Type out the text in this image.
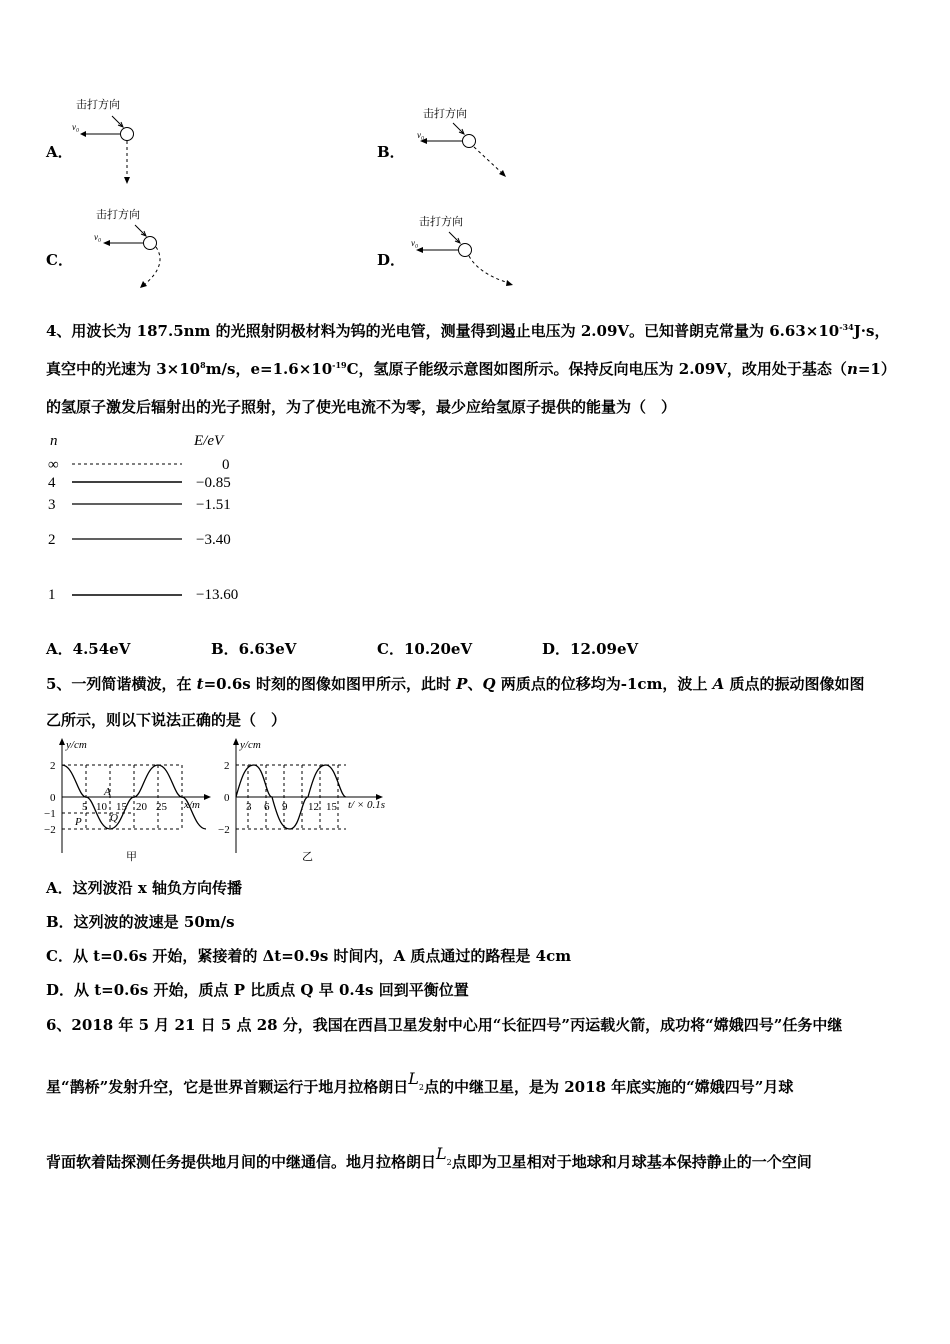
A．	B．
C．	D．
击打方向
v₀
击打方向
v₀
击打方向
v₀
击打方向
v₀
4、用波长为 187.5nm 的光照射阴极材料为钨的光电管，测量得到遏止电压为 2.09V。已知普朗克常量为 $6.63\times 10^{-34}J\cdot s$，
真空中的光速为 $3\times 10^8m/s$，$e=1.6\times 10^{-19}C$，氢原子能级示意图如图所示。保持反向电压为 2.09V，改用处于基态（n=1）
的氢原子激发后辐射出的光子照射，为了使光电流不为零，最少应给氢原子提供的能量为（　）
n	E/eV
∞	0
4	−0.85
3	−1.51
2	−3.40
1	−13.60
A．4.54eV	B．6.63eV	C．10.20eV	D．12.09eV
5、一列简谐横波，在 t=0.6s 时刻的图像如图甲所示，此时 P、Q 两质点的位移均为-1cm，波上 A 质点的振动图像如图
乙所示，则以下说法正确的是（　）
y/cm
x/m
2
0
−1
−2
5 10 15 20 25
A
P	Q
甲
y/cm
t/ × 0.1s
2
0
−2
3 6 9 12 15
乙
A．这列波沿 x 轴负方向传播
B．这列波的波速是 50m/s
C．从 t=0.6s 开始，紧接着的 Δt=0.9s 时间内，A 质点通过的路程是 4cm
D．从 t=0.6s 开始，质点 P 比质点 Q 早 0.4s 回到平衡位置
6、2018 年 5 月 21 日 5 点 28 分，我国在西昌卫星发射中心用“长征四号”丙运载火箭，成功将“嫦娥四号”任务中继
星“鹊桥”发射升空，它是世界首颗运行于地月拉格朗日$L_2$点的中继卫星，是为 2018 年底实施的“嫦娥四号”月球
背面软着陆探测任务提供地月间的中继通信。地月拉格朗日$L_2$点即为卫星相对于地球和月球基本保持静止的一个空间
